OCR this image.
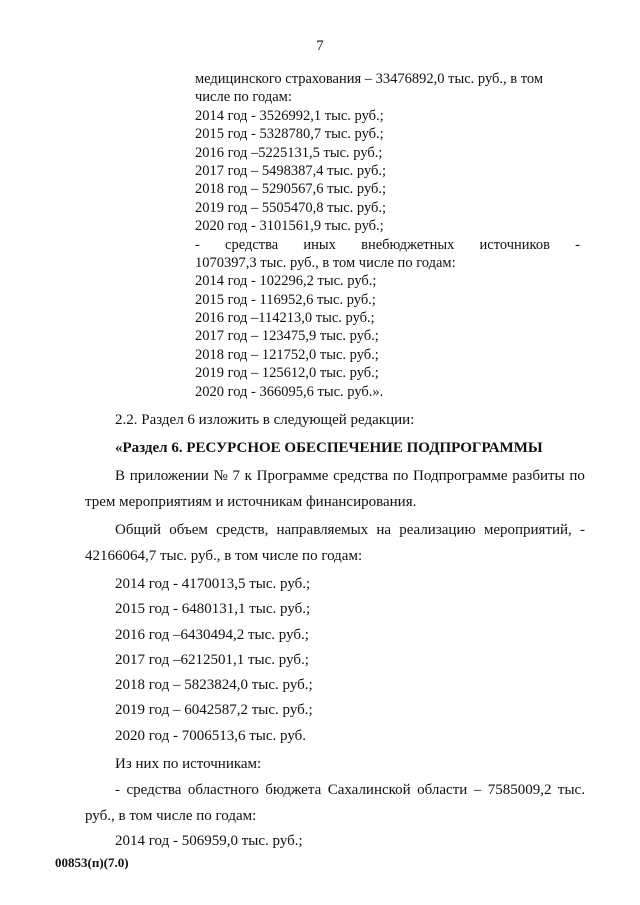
7
медицинского страхования – 33476892,0 тыс. руб., в том
числе по годам:
2014 год - 3526992,1 тыс. руб.;
2015 год - 5328780,7 тыс. руб.;
2016 год –5225131,5 тыс. руб.;
2017 год – 5498387,4 тыс. руб.;
2018 год – 5290567,6 тыс. руб.;
2019 год – 5505470,8 тыс. руб.;
2020 год - 3101561,9 тыс. руб.;
- средства иных внебюджетных источников -
1070397,3 тыс. руб., в том числе по годам:
2014 год - 102296,2 тыс. руб.;
2015 год - 116952,6 тыс. руб.;
2016 год –114213,0 тыс. руб.;
2017 год – 123475,9 тыс. руб.;
2018 год – 121752,0 тыс. руб.;
2019 год – 125612,0 тыс. руб.;
2020 год - 366095,6 тыс. руб.».
2.2. Раздел 6 изложить в следующей редакции:
«Раздел 6. РЕСУРСНОЕ ОБЕСПЕЧЕНИЕ ПОДПРОГРАММЫ
В приложении № 7 к Программе средства по Подпрограмме разбиты по
трем мероприятиям и источникам финансирования.
Общий объем средств, направляемых на реализацию мероприятий, -
42166064,7 тыс. руб., в том числе по годам:
2014 год - 4170013,5 тыс. руб.;
2015 год - 6480131,1 тыс. руб.;
2016 год –6430494,2 тыс. руб.;
2017 год –6212501,1 тыс. руб.;
2018 год – 5823824,0 тыс. руб.;
2019 год – 6042587,2 тыс. руб.;
2020 год - 7006513,6 тыс. руб.
Из них по источникам:
- средства областного бюджета Сахалинской области – 7585009,2 тыс.
руб., в том числе по годам:
2014 год - 506959,0 тыс. руб.;
00853(п)(7.0)
